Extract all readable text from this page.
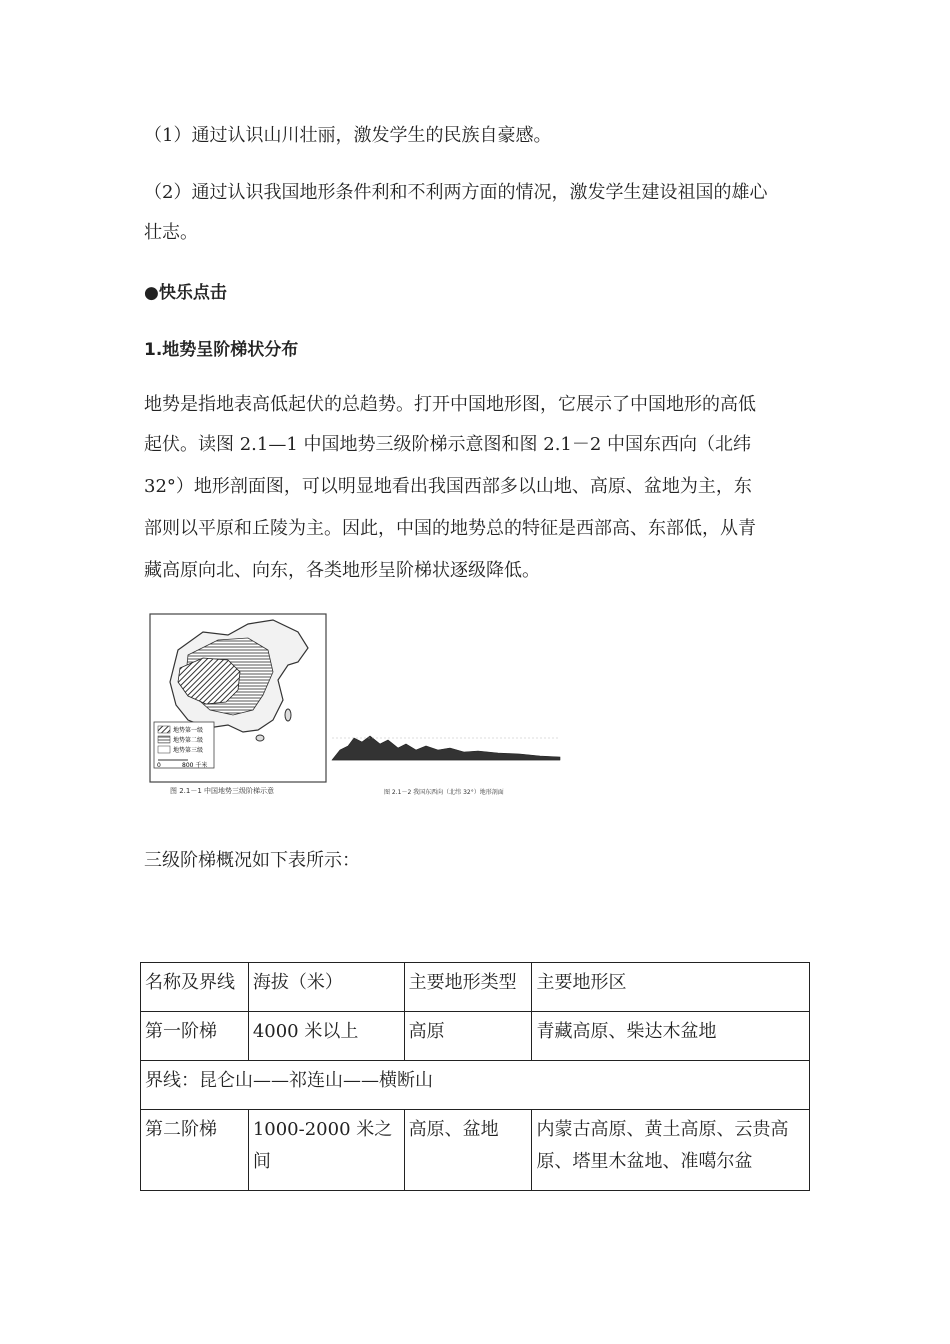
（1）通过认识山川壮丽，激发学生的民族自豪感。

（2）通过认识我国地形条件利和不利两方面的情况，激发学生建设祖国的雄心

壮志。

●快乐点击

1.地势呈阶梯状分布

地势是指地表高低起伏的总趋势。打开中国地形图，它展示了中国地形的高低

起伏。读图 2.1—1 中国地势三级阶梯示意图和图 2.1－2 中国东西向（北纬

32°）地形剖面图，可以明显地看出我国西部多以山地、高原、盆地为主，东

部则以平原和丘陵为主。因此，中国的地势总的特征是西部高、东部低，从青

藏高原向北、向东，各类地形呈阶梯状逐级降低。

地势第一级
地势第二级
地势第三级
0	800 千米
图 2.1－1 中国地势三级阶梯示意	图 2.1－2 我国东西向（北纬 32°）地形剖面

三级阶梯概况如下表所示：

名称及界线	海拔（米）	主要地形类型	主要地形区
第一阶梯	4000 米以上	高原	青藏高原、柴达木盆地
界线：昆仑山——祁连山——横断山			
第二阶梯	1000-2000 米之间	高原、盆地	内蒙古高原、黄土高原、云贵高原、塔里木盆地、准噶尔盆
